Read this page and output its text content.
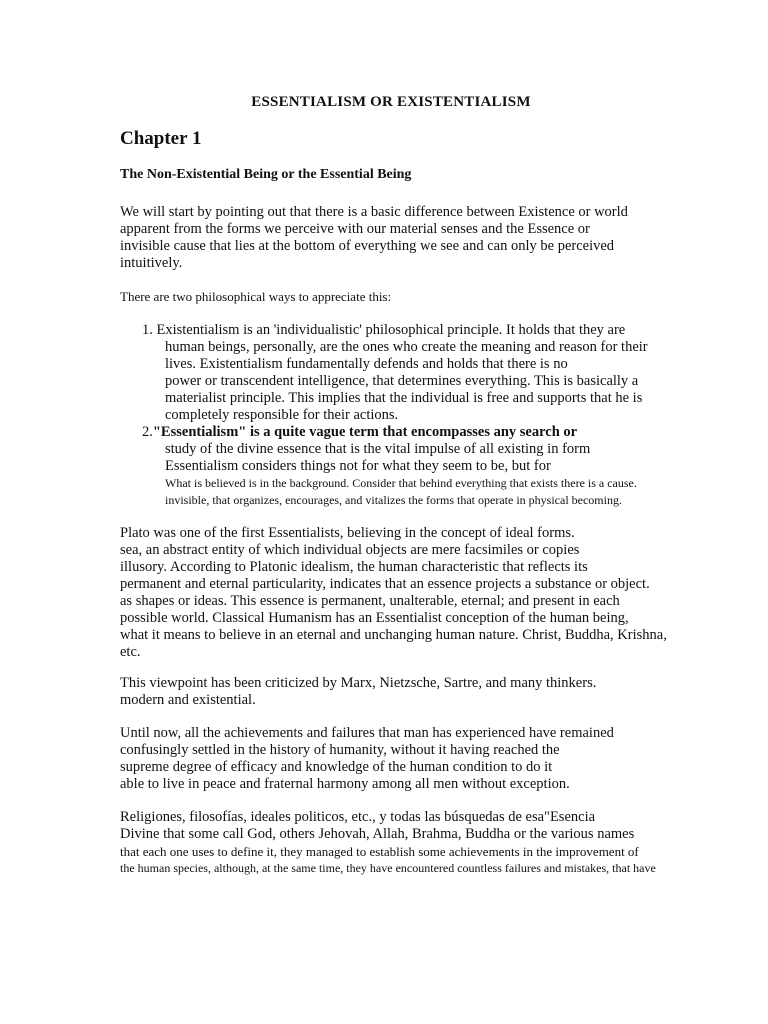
ESSENTIALISM OR EXISTENTIALISM
Chapter 1
The Non-Existential Being or the Essential Being
We will start by pointing out that there is a basic difference between Existence or world
apparent from the forms we perceive with our material senses and the Essence or
invisible cause that lies at the bottom of everything we see and can only be perceived
intuitively.
There are two philosophical ways to appreciate this:
1. Existentialism is an 'individualistic' philosophical principle. It holds that they are
human beings, personally, are the ones who create the meaning and reason for their
lives. Existentialism fundamentally defends and holds that there is no
power or transcendent intelligence, that determines everything. This is basically a
materialist principle. This implies that the individual is free and supports that he is
completely responsible for their actions.
2."Essentialism" is a quite vague term that encompasses any search or
study of the divine essence that is the vital impulse of all existing in form
Essentialism considers things not for what they seem to be, but for
What is believed is in the background. Consider that behind everything that exists there is a cause.
invisible, that organizes, encourages, and vitalizes the forms that operate in physical becoming.
Plato was one of the first Essentialists, believing in the concept of ideal forms.
sea, an abstract entity of which individual objects are mere facsimiles or copies
illusory. According to Platonic idealism, the human characteristic that reflects its
permanent and eternal particularity, indicates that an essence projects a substance or object.
as shapes or ideas. This essence is permanent, unalterable, eternal; and present in each
possible world. Classical Humanism has an Essentialist conception of the human being,
what it means to believe in an eternal and unchanging human nature. Christ, Buddha, Krishna,
etc.
This viewpoint has been criticized by Marx, Nietzsche, Sartre, and many thinkers.
modern and existential.
Until now, all the achievements and failures that man has experienced have remained
confusingly settled in the history of humanity, without it having reached the
supreme degree of efficacy and knowledge of the human condition to do it
able to live in peace and fraternal harmony among all men without exception.
Religiones, filosofías, ideales politicos, etc., y todas las búsquedas de esa"Esencia
Divine that some call God, others Jehovah, Allah, Brahma, Buddha or the various names
that each one uses to define it, they managed to establish some achievements in the improvement of
the human species, although, at the same time, they have encountered countless failures and mistakes, that have
